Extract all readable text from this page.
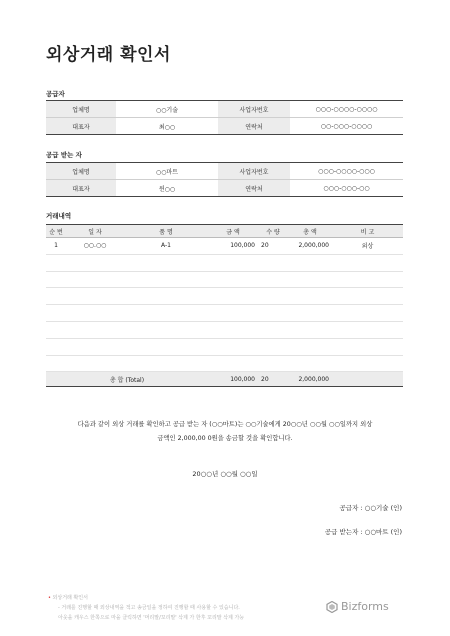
외상거래 확인서
공급자
업체명	○○기술	사업자번호	○○○-○○○○-○○○○
대표자	최○○	연락처	○○-○○○-○○○○
공급 받는 자
업체명	○○마트	사업자번호	○○○-○○○○-○○○
대표자	윈○○	연락처	○○○-○○○-○○
거래내역
순 번	일 자	품 명	금 액	수 량	총 액	비 고
1	○○.○○	A-1	100,000	20	2,000,000	외상

총 합 (Total)			100,000	20	2,000,000	
다음과 같이 외상 거래를 확인하고 공급 받는 자 (○○마트)는 ○○기술에게 20○○년 ○○월 ○○일까지 외상
금액인 2,000,00 0원을 송금할 것을 확인합니다.
20○○년 ○○월 ○○일
공급자 : ○○기술 (인)
공급 받는자 : ○○마트 (인)
• 외상거래 확인서
- 거래를 진행할 때 외상내역을 적고 송금일을 정하여 진행할 때 사용할 수 있습니다.
아웃을 캐우스 한쪽으로 마을 클릭하면 '머리말/꼬리말' 삭제 가 한후 꼬리말 삭제 가능
Bizforms
